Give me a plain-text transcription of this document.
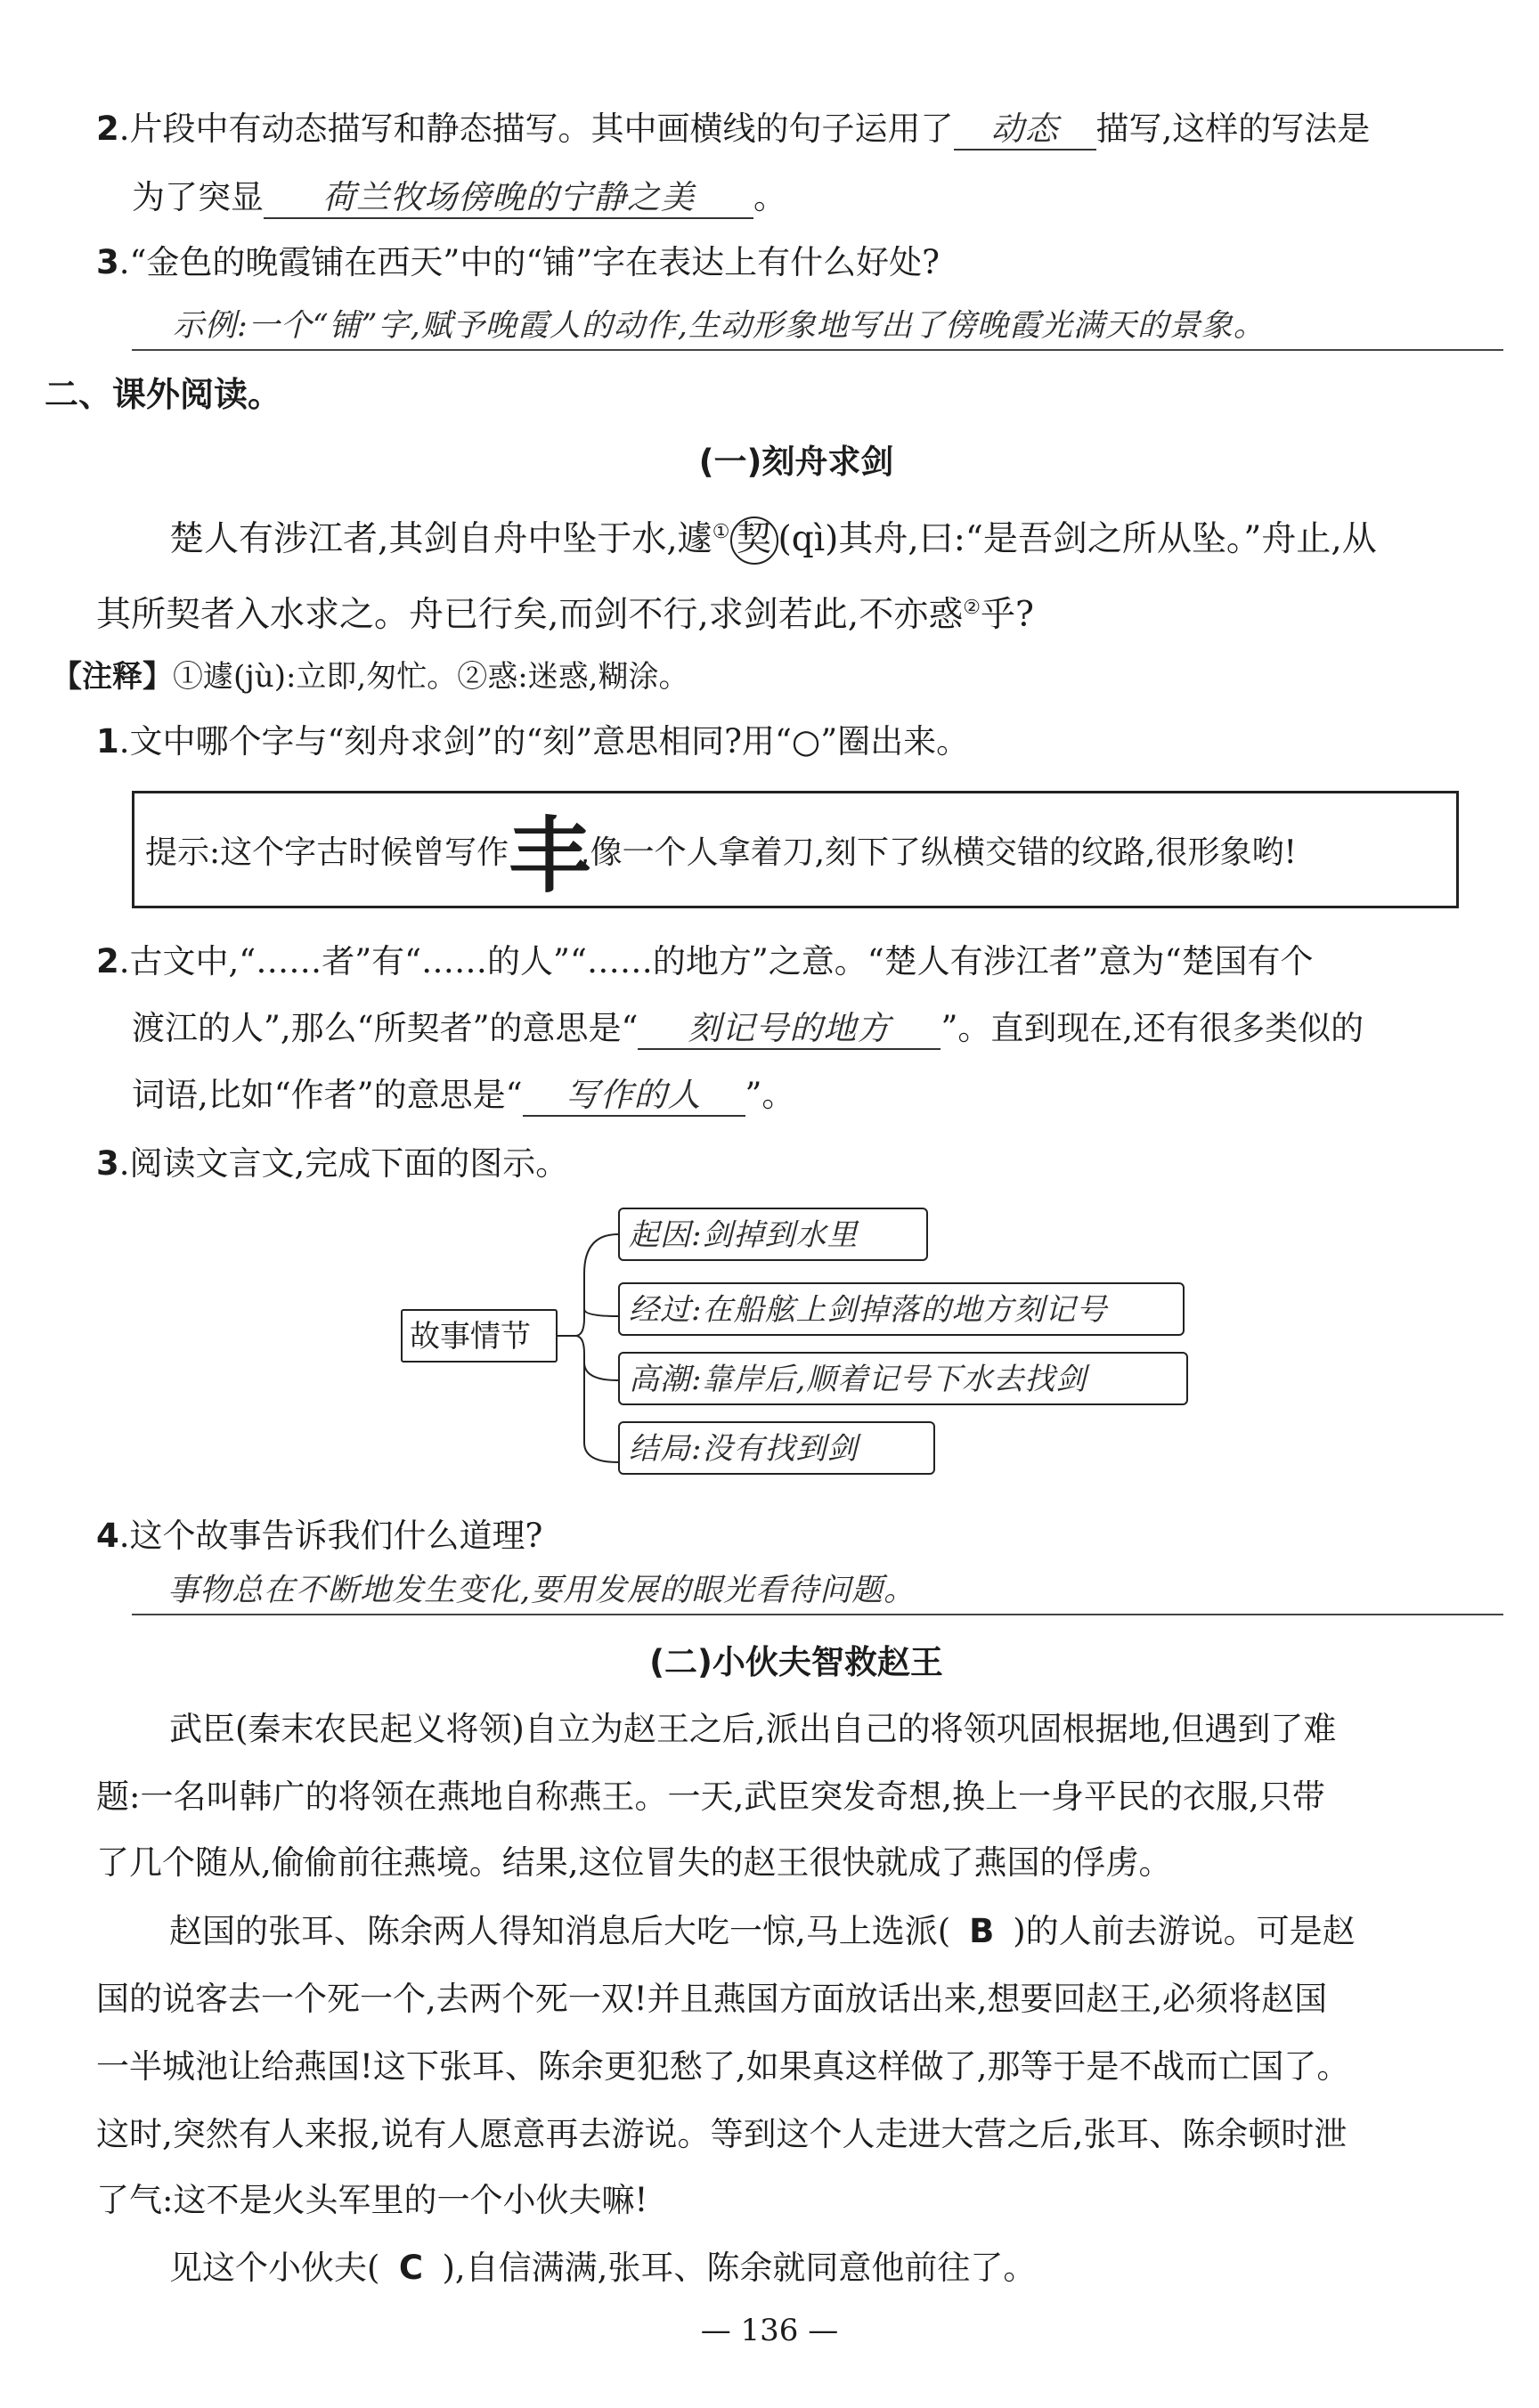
2.片段中有动态描写和静态描写。其中画横线的句子运用了 动态 描写,这样的写法是
为了突显 荷兰牧场傍晚的宁静之美 。
3.“金色的晚霞铺在西天”中的“铺”字在表达上有什么好处?
示例:一个“铺”字,赋予晚霞人的动作,生动形象地写出了傍晚霞光满天的景象。
二、课外阅读。
(一)刻舟求剑
楚人有涉江者,其剑自舟中坠于水,遽① 契 (qì)其舟,曰:“是吾剑之所从坠。”舟止,从
其所契者入水求之。舟已行矣,而剑不行,求剑若此,不亦惑②乎?
【注释】①遽(jù):立即,匆忙。②惑:迷惑,糊涂。
1.文中哪个字与“刻舟求剑”的“刻”意思相同?用“○”圈出来。
提示:这个字古时候曾写作丰,像一个人拿着刀,刻下了纵横交错的纹路,很形象哟!
2.古文中,“……者”有“……的人”“……的地方”之意。“楚人有涉江者”意为“楚国有个
渡江的人”,那么“所契者”的意思是“ 刻记号的地方 ”。直到现在,还有很多类似的
词语,比如“作者”的意思是“ 写作的人 ”。
3.阅读文言文,完成下面的图示。
故事情节
起因:剑掉到水里
经过:在船舷上剑掉落的地方刻记号
高潮:靠岸后,顺着记号下水去找剑
结局:没有找到剑
4.这个故事告诉我们什么道理?
事物总在不断地发生变化,要用发展的眼光看待问题。
(二)小伙夫智救赵王
武臣(秦末农民起义将领)自立为赵王之后,派出自己的将领巩固根据地,但遇到了难
题:一名叫韩广的将领在燕地自称燕王。一天,武臣突发奇想,换上一身平民的衣服,只带
了几个随从,偷偷前往燕境。结果,这位冒失的赵王很快就成了燕国的俘虏。
赵国的张耳、陈余两人得知消息后大吃一惊,马上选派( B )的人前去游说。可是赵
国的说客去一个死一个,去两个死一双!并且燕国方面放话出来,想要回赵王,必须将赵国
一半城池让给燕国!这下张耳、陈余更犯愁了,如果真这样做了,那等于是不战而亡国了。
这时,突然有人来报,说有人愿意再去游说。等到这个人走进大营之后,张耳、陈余顿时泄
了气:这不是火头军里的一个小伙夫嘛!
见这个小伙夫( C ),自信满满,张耳、陈余就同意他前往了。
— 136 —
